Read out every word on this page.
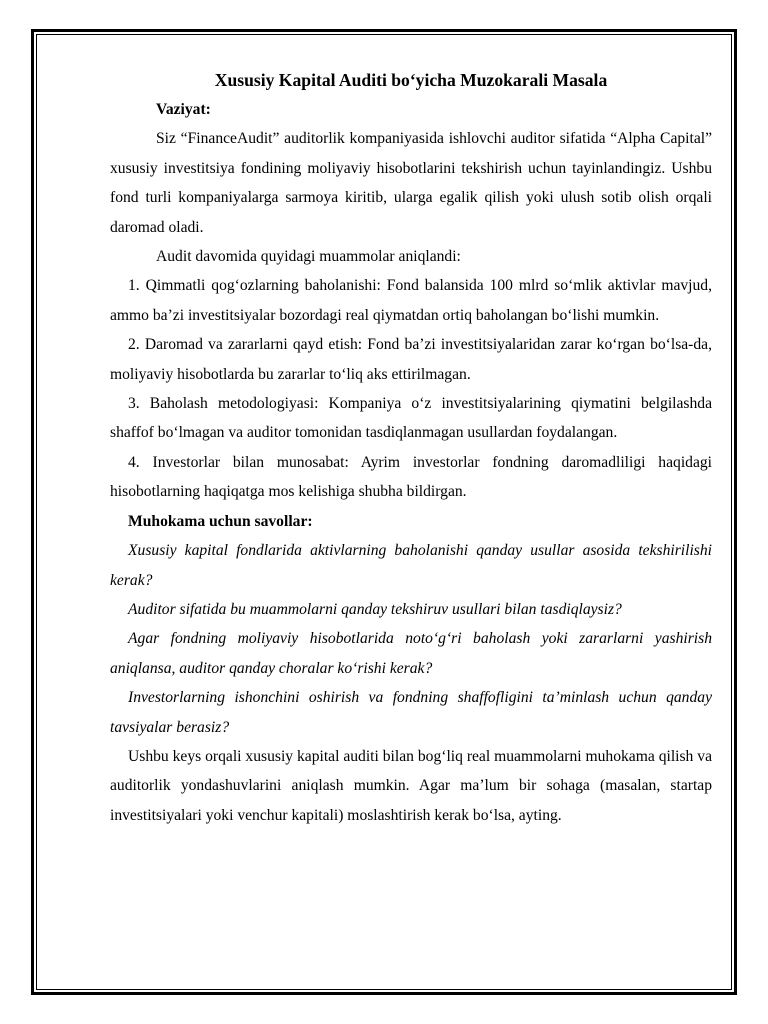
Xususiy Kapital Auditi bo‘yicha Muzokarali Masala

Vaziyat:

Siz “FinanceAudit” auditorlik kompaniyasida ishlovchi auditor sifatida “Alpha Capital” xususiy investitsiya fondining moliyaviy hisobotlarini tekshirish uchun tayinlandingiz. Ushbu fond turli kompaniyalarga sarmoya kiritib, ularga egalik qilish yoki ulush sotib olish orqali daromad oladi.

Audit davomida quyidagi muammolar aniqlandi:

1. Qimmatli qog‘ozlarning baholanishi: Fond balansida 100 mlrd so‘mlik aktivlar mavjud, ammo ba’zi investitsiyalar bozordagi real qiymatdan ortiq baholangan bo‘lishi mumkin.

2. Daromad va zararlarni qayd etish: Fond ba’zi investitsiyalaridan zarar ko‘rgan bo‘lsa-da, moliyaviy hisobotlarda bu zararlar to‘liq aks ettirilmagan.

3. Baholash metodologiyasi: Kompaniya o‘z investitsiyalarining qiymatini belgilashda shaffof bo‘lmagan va auditor tomonidan tasdiqlanmagan usullardan foydalangan.

4. Investorlar bilan munosabat: Ayrim investorlar fondning daromadliligi haqidagi hisobotlarning haqiqatga mos kelishiga shubha bildirgan.

Muhokama uchun savollar:

Xususiy kapital fondlarida aktivlarning baholanishi qanday usullar asosida tekshirilishi kerak?

Auditor sifatida bu muammolarni qanday tekshiruv usullari bilan tasdiqlaysiz?

Agar fondning moliyaviy hisobotlarida noto‘g‘ri baholash yoki zararlarni yashirish aniqlansa, auditor qanday choralar ko‘rishi kerak?

Investorlarning ishonchini oshirish va fondning shaffofligini ta’minlash uchun qanday tavsiyalar berasiz?

Ushbu keys orqali xususiy kapital auditi bilan bog‘liq real muammolarni muhokama qilish va auditorlik yondashuvlarini aniqlash mumkin. Agar ma’lum bir sohaga (masalan, startap investitsiyalari yoki venchur kapitali) moslashtirish kerak bo‘lsa, ayting.
